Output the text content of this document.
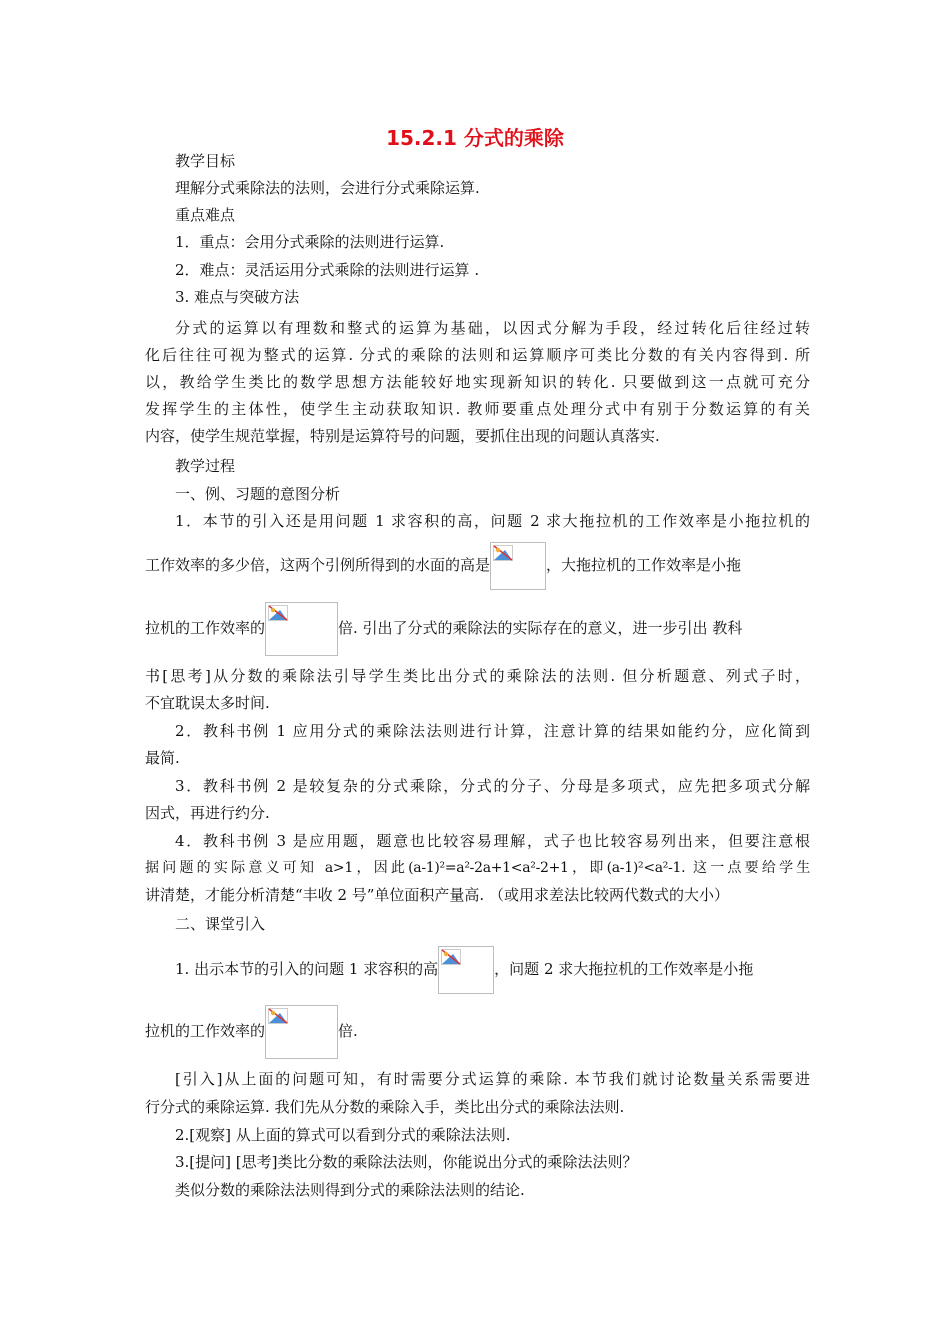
15.2.1 分式的乘除
教学目标
理解分式乘除法的法则，会进行分式乘除运算.
重点难点
1．重点：会用分式乘除的法则进行运算.
2．难点：灵活运用分式乘除的法则进行运算 .
3. 难点与突破方法
分式的运算以有理数和整式的运算为基础，以因式分解为手段，经过转化后往经过转
化后往往可视为整式的运算. 分式的乘除的法则和运算顺序可类比分数的有关内容得到. 所
以，教给学生类比的数学思想方法能较好地实现新知识的转化. 只要做到这一点就可充分
发挥学生的主体性，使学生主动获取知识. 教师要重点处理分式中有别于分数运算的有关
内容，使学生规范掌握，特别是运算符号的问题，要抓住出现的问题认真落实.
教学过程
一、例、习题的意图分析
1．本节的引入还是用问题 1 求容积的高，问题 2 求大拖拉机的工作效率是小拖拉机的
工作效率的多少倍，这两个引例所得到的水面的高是	，大拖拉机的工作效率是小拖
拉机的工作效率的	倍. 引出了分式的乘除法的实际存在的意义，进一步引出 教科
书[思考]从分数的乘除法引导学生类比出分式的乘除法的法则. 但分析题意、列式子时，
不宜耽误太多时间.
2．教科书例 1 应用分式的乘除法法则进行计算，注意计算的结果如能约分，应化简到
最简.
3．教科书例 2 是较复杂的分式乘除，分式的分子、分母是多项式，应先把多项式分解
因式，再进行约分.
4．教科书例 3 是应用题，题意也比较容易理解，式子也比较容易列出来，但要注意根
据问题的实际意义可知 a>1，因此(a-1)²=a²-2a+1<a²-2+1，即(a-1)²<a²-1. 这一点要给学生
讲清楚，才能分析清楚“丰收 2 号”单位面积产量高. （或用求差法比较两代数式的大小）
二、课堂引入
1. 出示本节的引入的问题 1 求容积的高	，问题 2 求大拖拉机的工作效率是小拖
拉机的工作效率的	倍.
[引入]从上面的问题可知，有时需要分式运算的乘除. 本节我们就讨论数量关系需要进
行分式的乘除运算. 我们先从分数的乘除入手，类比出分式的乘除法法则.
2.[观察] 从上面的算式可以看到分式的乘除法法则.
3.[提问] [思考]类比分数的乘除法法则，你能说出分式的乘除法法则？
类似分数的乘除法法则得到分式的乘除法法则的结论.
